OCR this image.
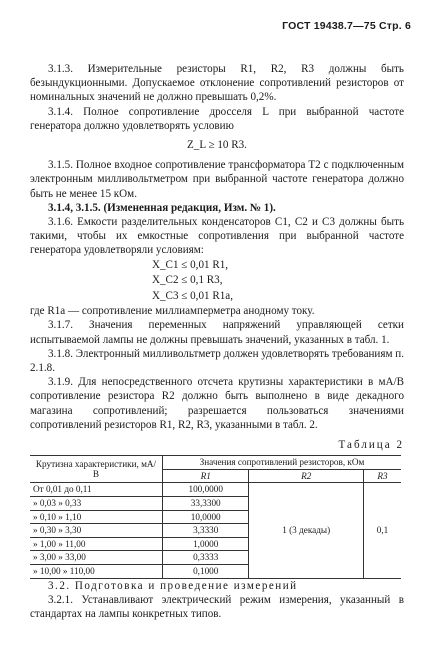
ГОСТ 19438.7—75 Стр. 6

3.1.3. Измерительные резисторы R1, R2, R3 должны быть безындукционными. Допускаемое отклонение сопротивлений резисторов от номинальных значений не должно превышать 0,2%.

3.1.4. Полное сопротивление дросселя L при выбранной частоте генератора должно удовлетворять условию

Z_L ≥ 10 R3.

3.1.5. Полное входное сопротивление трансформатора Т2 с подключенным электронным милливольтметром при выбранной частоте генератора должно быть не менее 15 кОм.

3.1.4, 3.1.5. (Измененная редакция, Изм. № 1).

3.1.6. Емкости разделительных конденсаторов С1, С2 и С3 должны быть такими, чтобы их емкостные сопротивления при выбранной частоте генератора удовлетворяли условиям:

X_C1 ≤ 0,01 R1,
X_C2 ≤ 0,1 R3,
X_C3 ≤ 0,01 R1a,

где R1a — сопротивление миллиамперметра анодному току.

3.1.7. Значения переменных напряжений управляющей сетки испытываемой лампы не должны превышать значений, указанных в табл. 1.

3.1.8. Электронный милливольтметр должен удовлетворять требованиям п. 2.1.8.

3.1.9. Для непосредственного отсчета крутизны характеристики в мА/В сопротивление резистора R2 должно быть выполнено в виде декадного магазина сопротивлений; разрешается пользоваться значениями сопротивлений резисторов R1, R2, R3, указанными в табл. 2.

Таблица 2
Крутизна характеристики, мА/В	Значения сопротивлений резисторов, кОм		
	R1	R2	R3
От 0,01 до 0,11	100,0000	1 (3 декады)	0,1
» 0,03 » 0,33	33,3300		
» 0,10 » 1,10	10,0000		
» 0,30 » 3,30	3,3330		
» 1,00 » 11,00	1,0000		
» 3,00 » 33,00	0,3333		
» 10,00 » 110,00	0,1000		

3.2. Подготовка и проведение измерений

3.2.1. Устанавливают электрический режим измерения, указанный в стандартах на лампы конкретных типов.
